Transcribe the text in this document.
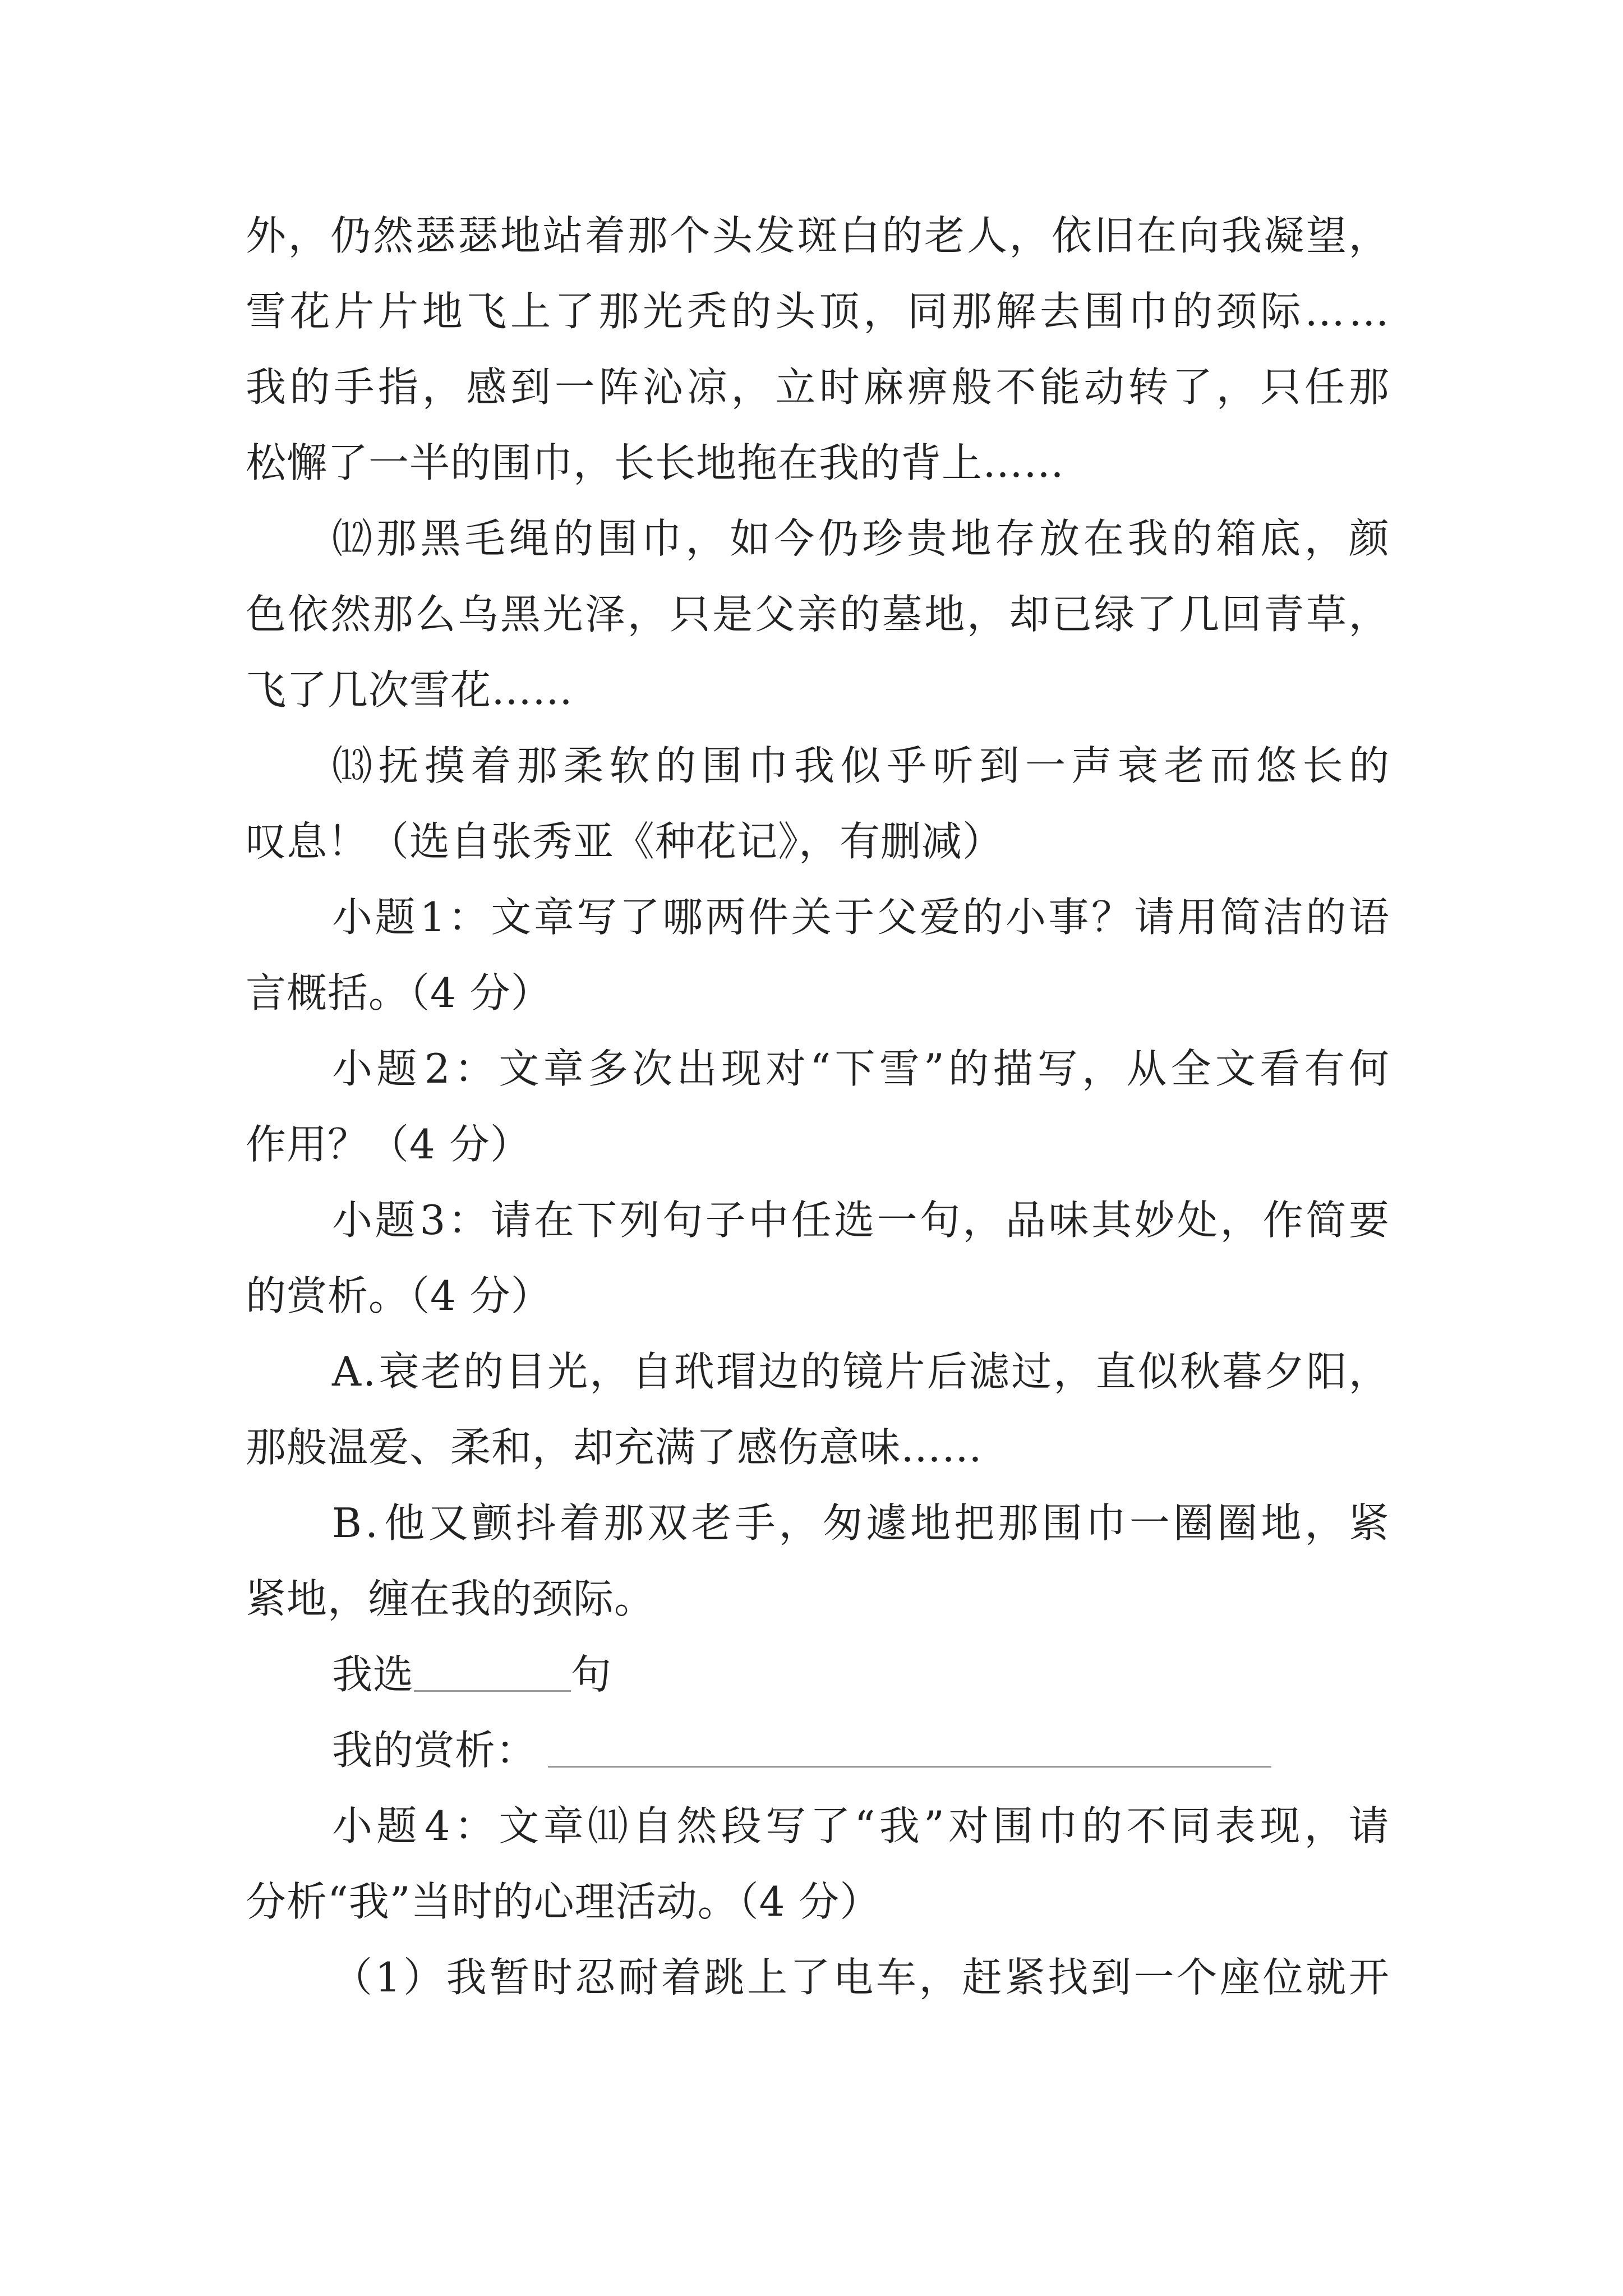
外 ， 仍 然 瑟 瑟 地 站 着 那 个 头 发 斑 白 的 老 人 ， 依 旧 在 向 我 凝 望 ，
雪 花 片 片 地 飞 上 了 那 光 秃 的 头 顶 ， 同 那 解 去 围 巾 的 颈 际 … …
我 的 手 指 ， 感 到 一 阵 沁 凉 ， 立 时 麻 痹 般 不 能 动 转 了 ， 只 任 那
松懈了一半的围巾，长长地拖在我的背上……
⑿ 那 黑 毛 绳 的 围 巾 ， 如 今 仍 珍 贵 地 存 放 在 我 的 箱 底 ， 颜
色 依 然 那 么 乌 黑 光 泽 ， 只 是 父 亲 的 墓 地 ， 却 已 绿 了 几 回 青 草 ，
飞了几次雪花……
⒀ 抚 摸 着 那 柔 软 的 围 巾 我 似 乎 听 到 一 声 衰 老 而 悠 长 的
叹息！（选自张秀亚《种花记》，有删减）
小 题 1 ： 文 章 写 了 哪 两 件 关 于 父 爱 的 小 事 ？ 请 用 简 洁 的 语
言概括。（4 分）
小 题 2 ： 文 章 多 次 出 现 对 “ 下 雪 ” 的 描 写 ， 从 全 文 看 有 何
作用？（4 分）
小 题 3 ： 请 在 下 列 句 子 中 任 选 一 句 ， 品 味 其 妙 处 ， 作 简 要
的赏析。（4 分）
A . 衰 老 的 目 光 ， 自 玳 瑁 边 的 镜 片 后 滤 过 ， 直 似 秋 暮 夕 阳 ，
那般温爱、柔和，却充满了感伤意味……
B . 他 又 颤 抖 着 那 双 老 手 ， 匆 遽 地 把 那 围 巾 一 圈 圈 地 ， 紧
紧地，缠在我的颈际。
我选	句
我的赏析：
小 题 4 ： 文 章 ⑾ 自 然 段 写 了 “ 我 ” 对 围 巾 的 不 同 表 现 ， 请
分析“我”当时的心理活动。（4 分）
（ 1 ） 我 暂 时 忍 耐 着 跳 上 了 电 车 ， 赶 紧 找 到 一 个 座 位 就 开
